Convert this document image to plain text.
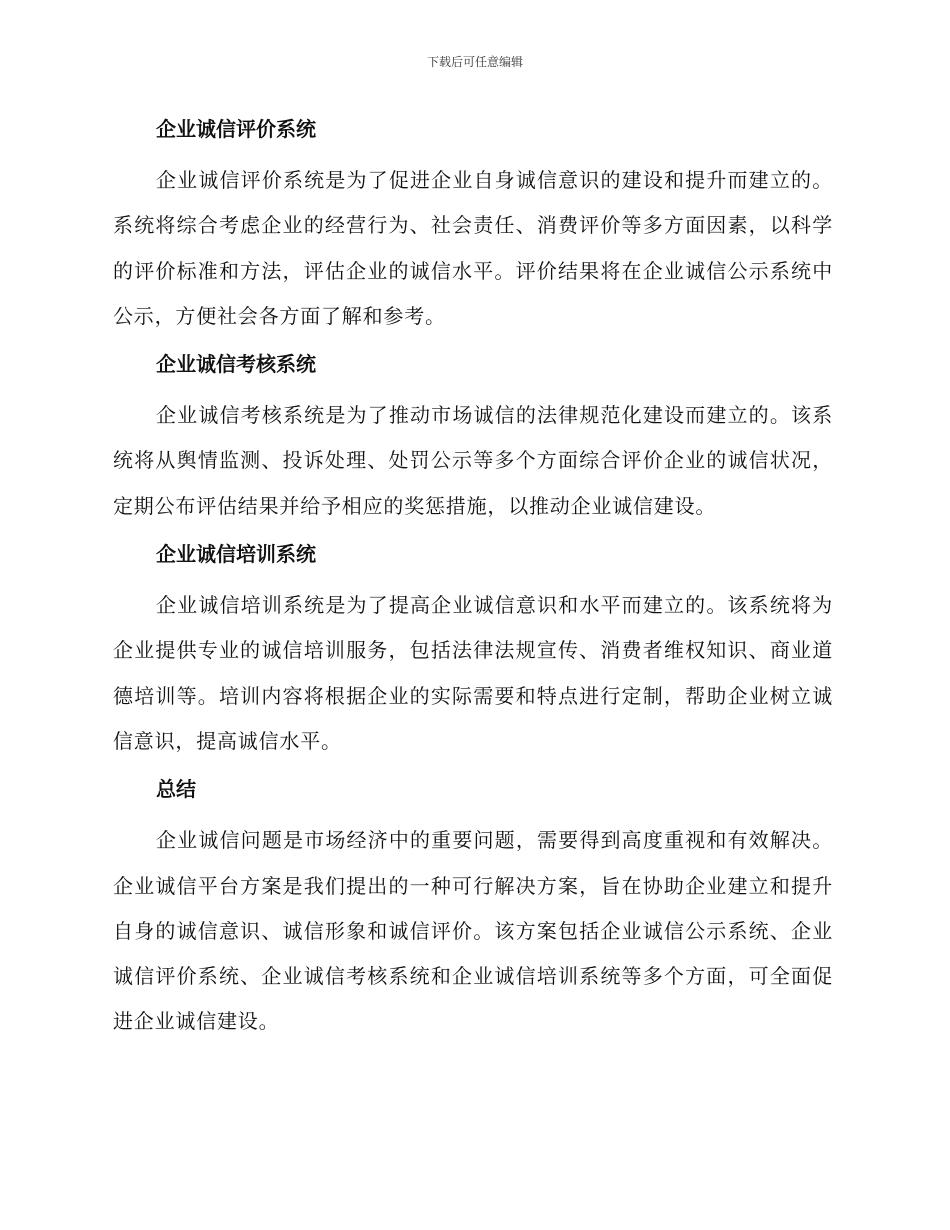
下载后可任意编辑
企业诚信评价系统

企业诚信评价系统是为了促进企业自身诚信意识的建设和提升而建立的。系统将综合考虑企业的经营行为、社会责任、消费评价等多方面因素，以科学的评价标准和方法，评估企业的诚信水平。评价结果将在企业诚信公示系统中公示，方便社会各方面了解和参考。

企业诚信考核系统

企业诚信考核系统是为了推动市场诚信的法律规范化建设而建立的。该系统将从舆情监测、投诉处理、处罚公示等多个方面综合评价企业的诚信状况，定期公布评估结果并给予相应的奖惩措施，以推动企业诚信建设。

企业诚信培训系统

企业诚信培训系统是为了提高企业诚信意识和水平而建立的。该系统将为企业提供专业的诚信培训服务，包括法律法规宣传、消费者维权知识、商业道德培训等。培训内容将根据企业的实际需要和特点进行定制，帮助企业树立诚信意识，提高诚信水平。

总结

企业诚信问题是市场经济中的重要问题，需要得到高度重视和有效解决。企业诚信平台方案是我们提出的一种可行解决方案，旨在协助企业建立和提升自身的诚信意识、诚信形象和诚信评价。该方案包括企业诚信公示系统、企业诚信评价系统、企业诚信考核系统和企业诚信培训系统等多个方面，可全面促进企业诚信建设。
